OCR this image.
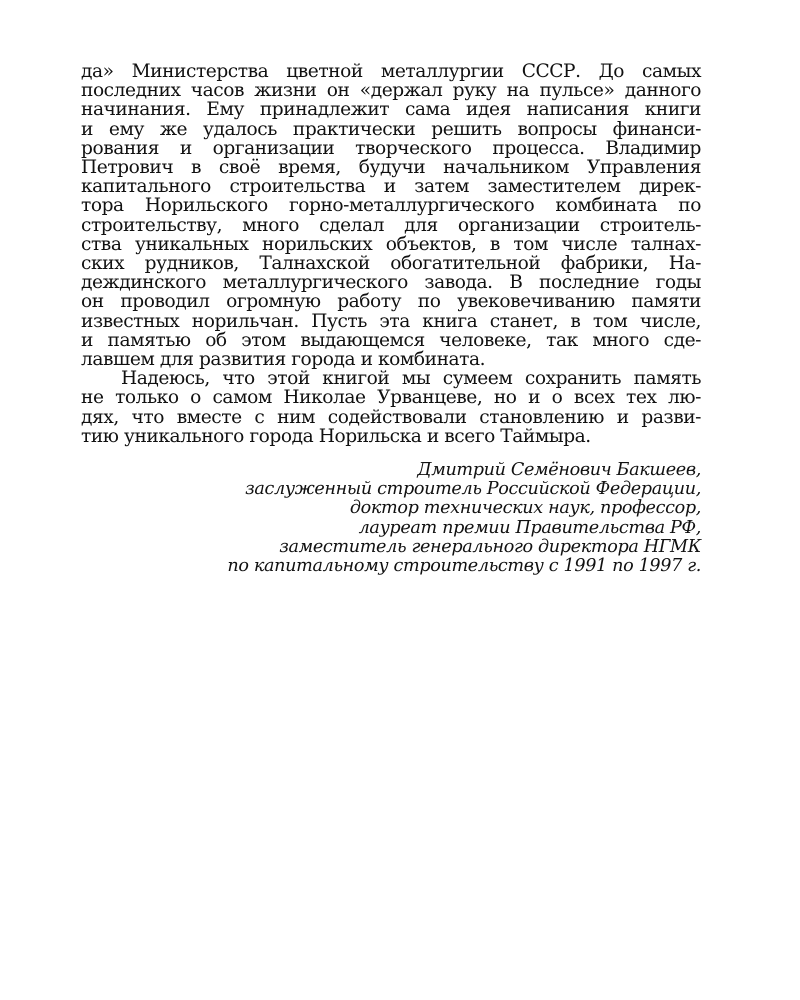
да» Министерства цветной металлургии СССР. До самых
последних часов жизни он «держал руку на пульсе» данного
начинания. Ему принадлежит сама идея написания книги
и ему же удалось практически решить вопросы финанси-
рования и организации творческого процесса. Владимир
Петрович в своё время, будучи начальником Управления
капитального строительства и затем заместителем дирек-
тора Норильского горно-металлургического комбината по
строительству, много сделал для организации строитель-
ства уникальных норильских объектов, в том числе талнах-
ских рудников, Талнахской обогатительной фабрики, На-
деждинского металлургического завода. В последние годы
он проводил огромную работу по увековечиванию памяти
известных норильчан. Пусть эта книга станет, в том числе,
и памятью об этом выдающемся человеке, так много сде-
лавшем для развития города и комбината.
Надеюсь, что этой книгой мы сумеем сохранить память
не только о самом Николае Урванцеве, но и о всех тех лю-
дях, что вместе с ним содействовали становлению и разви-
тию уникального города Норильска и всего Таймыра.
Дмитрий Семёнович Бакшеев,
заслуженный строитель Российской Федерации,
доктор технических наук, профессор,
лауреат премии Правительства РФ,
заместитель генерального директора НГМК
по капитальному строительству с 1991 по 1997 г.
